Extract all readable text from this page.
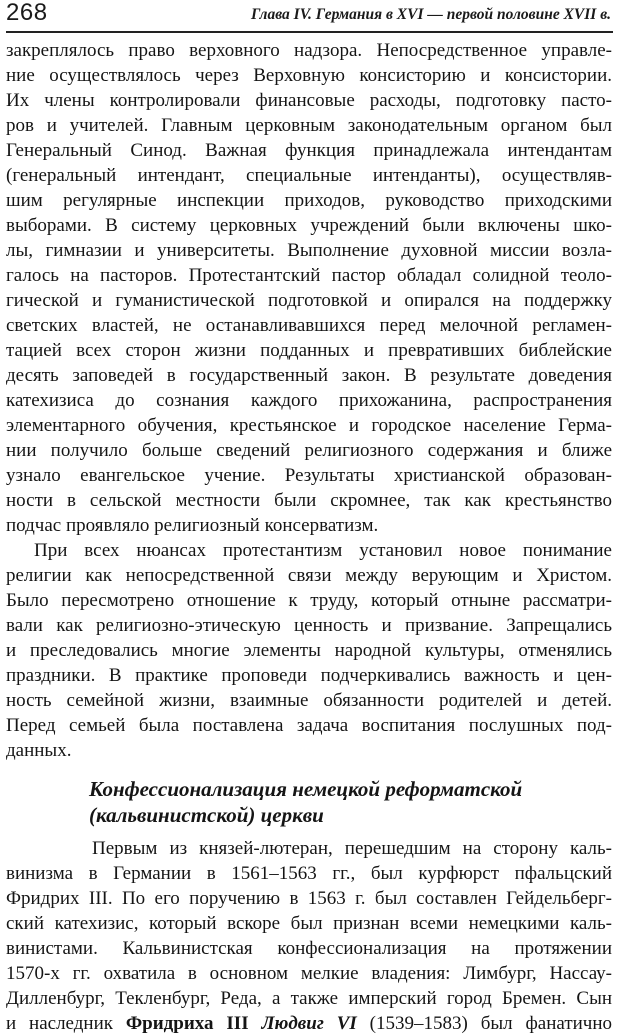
268	Глава IV. Германия в XVI — первой половине XVII в.
закреплялось право верховного надзора. Непосредственное управле-
ние осуществлялось через Верховную консисторию и консистории.
Их члены контролировали финансовые расходы, подготовку пасто-
ров и учителей. Главным церковным законодательным органом был
Генеральный Синод. Важная функция принадлежала интендантам
(генеральный интендант, специальные интенданты), осуществляв-
шим регулярные инспекции приходов, руководство приходскими
выборами. В систему церковных учреждений были включены шко-
лы, гимназии и университеты. Выполнение духовной миссии возла-
галось на пасторов. Протестантский пастор обладал солидной теоло-
гической и гуманистической подготовкой и опирался на поддержку
светских властей, не останавливавшихся перед мелочной регламен-
тацией всех сторон жизни подданных и превративших библейские
десять заповедей в государственный закон. В результате доведения
катехизиса до сознания каждого прихожанина, распространения
элементарного обучения, крестьянское и городское население Герма-
нии получило больше сведений религиозного содержания и ближе
узнало евангельское учение. Результаты христианской образован-
ности в сельской местности были скромнее, так как крестьянство
подчас проявляло религиозный консерватизм.
При всех нюансах протестантизм установил новое понимание
религии как непосредственной связи между верующим и Христом.
Было пересмотрено отношение к труду, который отныне рассматри-
вали как религиозно-этическую ценность и призвание. Запрещались
и преследовались многие элементы народной культуры, отменялись
праздники. В практике проповеди подчеркивались важность и цен-
ность семейной жизни, взаимные обязанности родителей и детей.
Перед семьей была поставлена задача воспитания послушных под-
данных.
Конфессионализация немецкой реформатской
(кальвинистской) церкви
Первым из князей-лютеран, перешедшим на сторону каль-
винизма в Германии в 1561–1563 гг., был курфюрст пфальцский
Фридрих III. По его поручению в 1563 г. был составлен Гейдельберг-
ский катехизис, который вскоре был признан всеми немецкими каль-
винистами. Кальвинистская конфессионализация на протяжении
1570-х гг. охватила в основном мелкие владения: Лимбург, Нассау-
Дилленбург, Текленбург, Реда, а также имперский город Бремен. Сын
и наследник Фридриха III Людвиг VI (1539–1583) был фанатично
